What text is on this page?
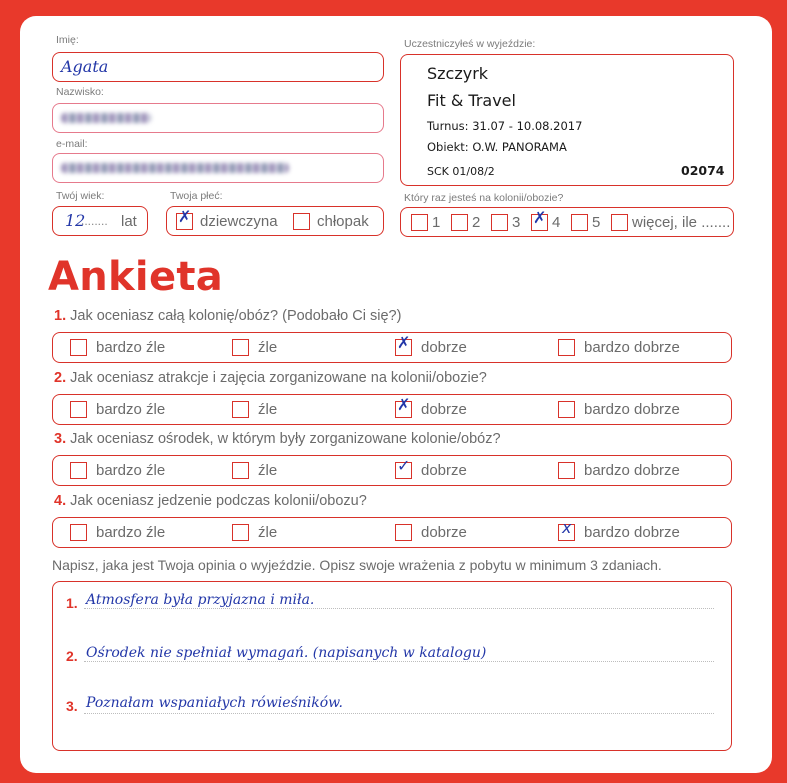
Imię:
Agata
Nazwisko:
e-mail:
Twój wiek:
12
........ lat
Twoja płeć:
✗ dziewczyna	chłopak
Uczestniczyłeś w wyjeździe:
Szczyrk
Fit & Travel
Turnus: 31.07 - 10.08.2017
Obiekt: O.W. PANORAMA
SCK 01/08/2	02074
Który raz jesteś na kolonii/obozie?
1 2 3 ✗ 4 5 więcej, ile .......
Ankieta
1. Jak oceniasz całą kolonię/obóz? (Podobało Ci się?)
bardzo źle	źle	✗ dobrze	bardzo dobrze
2. Jak oceniasz atrakcje i zajęcia zorganizowane na kolonii/obozie?
bardzo źle	źle	✗ dobrze	bardzo dobrze
3. Jak oceniasz ośrodek, w którym były zorganizowane kolonie/obóz?
bardzo źle	źle	✓ dobrze	bardzo dobrze
4. Jak oceniasz jedzenie podczas kolonii/obozu?
bardzo źle	źle	dobrze	x bardzo dobrze
Napisz, jaka jest Twoja opinia o wyjeździe. Opisz swoje wrażenia z pobytu w minimum 3 zdaniach.
1. Atmosfera była przyjazna i miła.
2. Ośrodek nie spełniał wymagań. (napisanych w katalogu)
3. Poznałam wspaniałych rówieśników.
